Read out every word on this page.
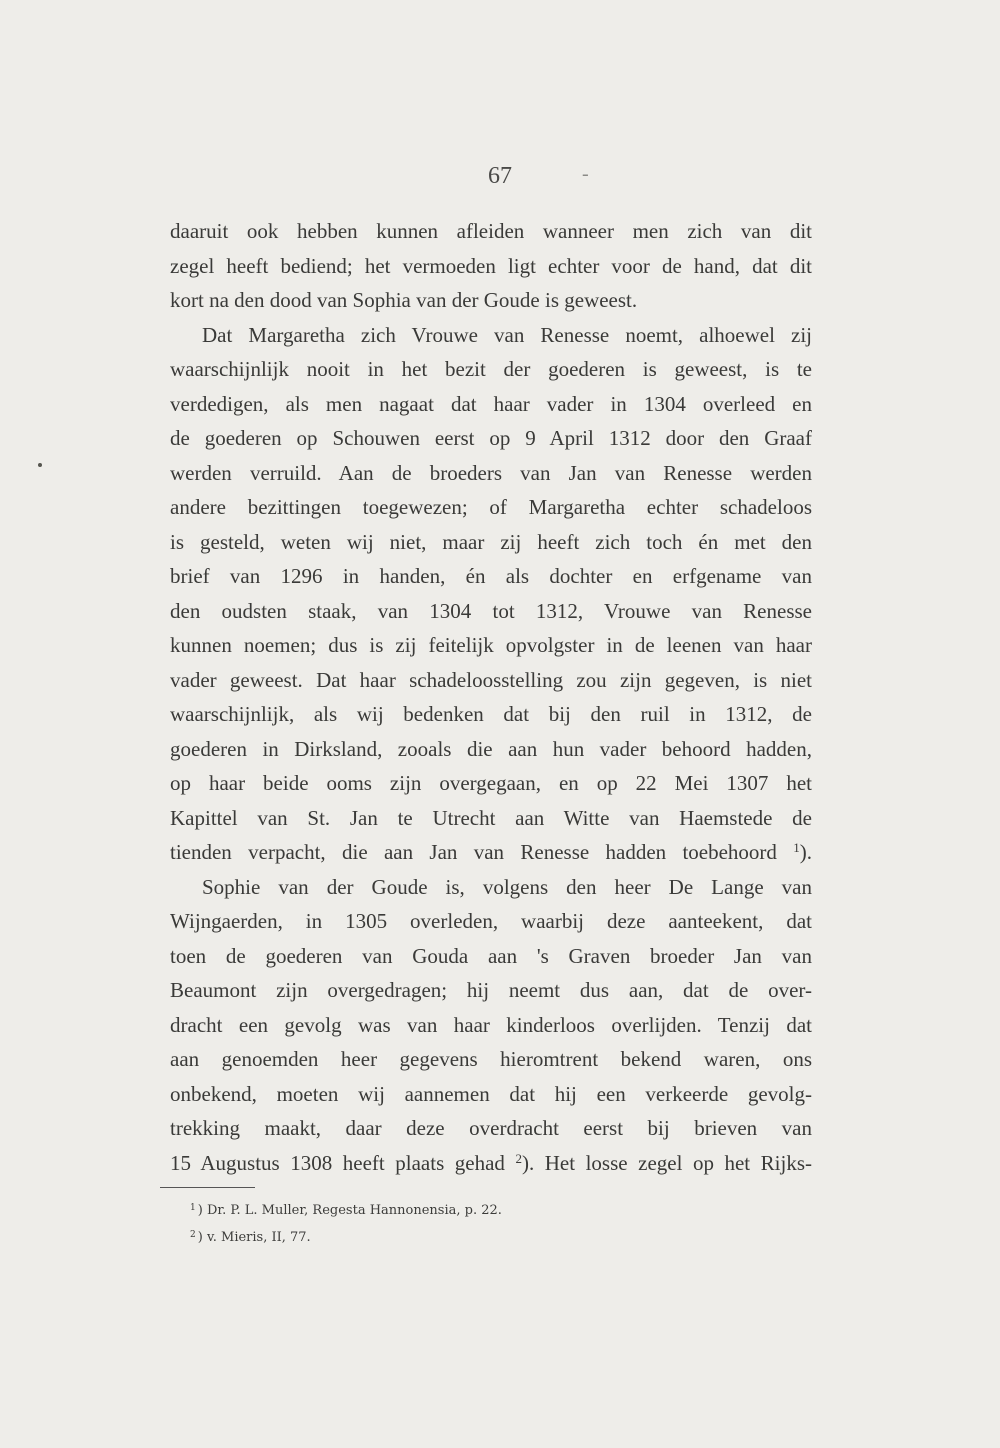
67	-
daaruit ook hebben kunnen afleiden wanneer men zich van dit
zegel heeft bediend; het vermoeden ligt echter voor de hand, dat dit
kort na den dood van Sophia van der Goude is geweest.
Dat Margaretha zich Vrouwe van Renesse noemt, alhoewel zij
waarschijnlijk nooit in het bezit der goederen is geweest, is te
verdedigen, als men nagaat dat haar vader in 1304 overleed en
de goederen op Schouwen eerst op 9 April 1312 door den Graaf
werden verruild. Aan de broeders van Jan van Renesse werden
andere bezittingen toegewezen; of Margaretha echter schadeloos
is gesteld, weten wij niet, maar zij heeft zich toch én met den
brief van 1296 in handen, én als dochter en erfgename van
den oudsten staak, van 1304 tot 1312, Vrouwe van Renesse
kunnen noemen; dus is zij feitelijk opvolgster in de leenen van haar
vader geweest. Dat haar schadeloosstelling zou zijn gegeven, is niet
waarschijnlijk, als wij bedenken dat bij den ruil in 1312, de
goederen in Dirksland, zooals die aan hun vader behoord hadden,
op haar beide ooms zijn overgegaan, en op 22 Mei 1307 het
Kapittel van St. Jan te Utrecht aan Witte van Haemstede de
tienden verpacht, die aan Jan van Renesse hadden toebehoord $^1$).
Sophie van der Goude is, volgens den heer De Lange van
Wijngaerden, in 1305 overleden, waarbij deze aanteekent, dat
toen de goederen van Gouda aan 's Graven broeder Jan van
Beaumont zijn overgedragen; hij neemt dus aan, dat de over-
dracht een gevolg was van haar kinderloos overlijden. Tenzij dat
aan genoemden heer gegevens hieromtrent bekend waren, ons
onbekend, moeten wij aannemen dat hij een verkeerde gevolg-
trekking maakt, daar deze overdracht eerst bij brieven van
15 Augustus 1308 heeft plaats gehad $^2$). Het losse zegel op het Rijks-
$^1$ ) Dr. P. L. Muller, Regesta Hannonensia, p. 22.
$^2$ ) v. Mieris, II, 77.
